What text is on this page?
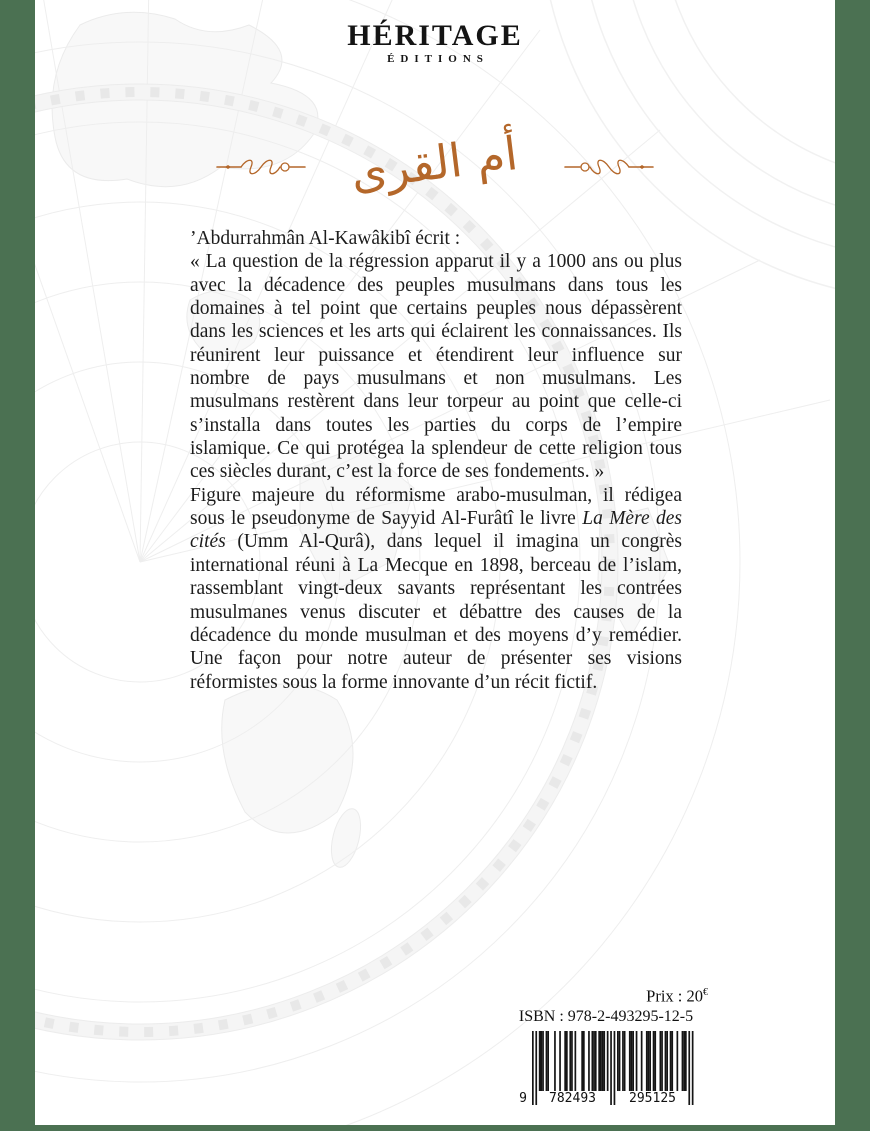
HÉRITAGE
ÉDITIONS
أم القرى

’Abdurrahmân Al-Kawâkibî écrit :

« La question de la régression apparut il y a 1000 ans ou plus avec la décadence des peuples musulmans dans tous les domaines à tel point que certains peuples nous dépassèrent dans les sciences et les arts qui éclairent les connaissances. Ils réunirent leur puissance et étendirent leur influence sur nombre de pays musulmans et non musulmans. Les musulmans restèrent dans leur torpeur au point que celle-ci s’installa dans toutes les parties du corps de l’empire islamique. Ce qui protégea la splendeur de cette religion tous ces siècles durant, c’est la force de ses fondements. »

Figure majeure du réformisme arabo-musulman, il rédigea sous le pseudonyme de Sayyid Al-Furâtî le livre La Mère des cités (Umm Al-Qurâ), dans lequel il imagina un congrès international réuni à La Mecque en 1898, berceau de l’islam, rassemblant vingt-deux savants représentant les contrées musulmanes venus discuter et débattre des causes de la décadence du monde musulman et des moyens d’y remédier. Une façon pour notre auteur de présenter ses visions réformistes sous la forme innovante d’un récit fictif.

Prix : 20€
ISBN : 978-2-493295-12-5
9	782493	295125
